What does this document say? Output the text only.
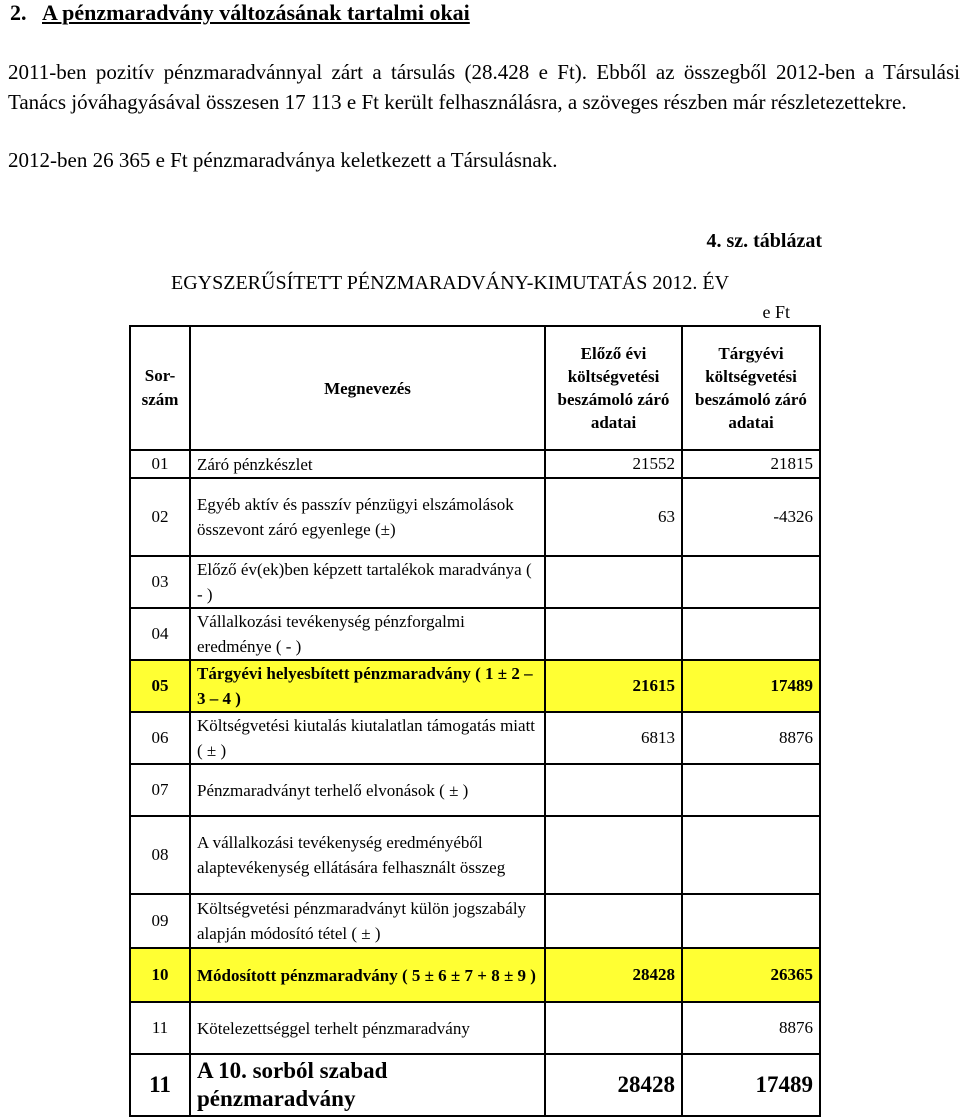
2. A pénzmaradvány változásának tartalmi okai
2011-ben pozitív pénzmaradvánnyal zárt a társulás (28.428 e Ft). Ebből az összegből 2012-ben a Társulási Tanács jóváhagyásával összesen 17 113 e Ft került felhasználásra, a szöveges részben már részletezettekre.
2012-ben 26 365 e Ft pénzmaradványa keletkezett a Társulásnak.
4. sz. táblázat
EGYSZERŰSÍTETT PÉNZMARADVÁNY-KIMUTATÁS 2012. ÉV
e Ft
Sor-szám	Megnevezés	Előző évi költségvetési beszámoló záró adatai	Tárgyévi költségvetési beszámoló záró adatai
01	Záró pénzkészlet	21552	21815
02	Egyéb aktív és passzív pénzügyi elszámolások összevont záró egyenlege (±)	63	-4326
03	Előző év(ek)ben képzett tartalékok maradványa ( - )		
04	Vállalkozási tevékenység pénzforgalmi eredménye ( - )		
05	Tárgyévi helyesbített pénzmaradvány ( 1 ± 2 – 3 – 4 )	21615	17489
06	Költségvetési kiutalás kiutalatlan támogatás miatt ( ± )	6813	8876
07	Pénzmaradványt terhelő elvonások ( ± )		
08	A vállalkozási tevékenység eredményéből alaptevékenység ellátására felhasznált összeg		
09	Költségvetési pénzmaradványt külön jogszabály alapján módosító tétel ( ± )		
10	Módosított pénzmaradvány ( 5 ± 6 ± 7 + 8 ± 9 )	28428	26365
11	Kötelezettséggel terhelt pénzmaradvány		8876
11	A 10. sorból szabad pénzmaradvány	28428	17489
